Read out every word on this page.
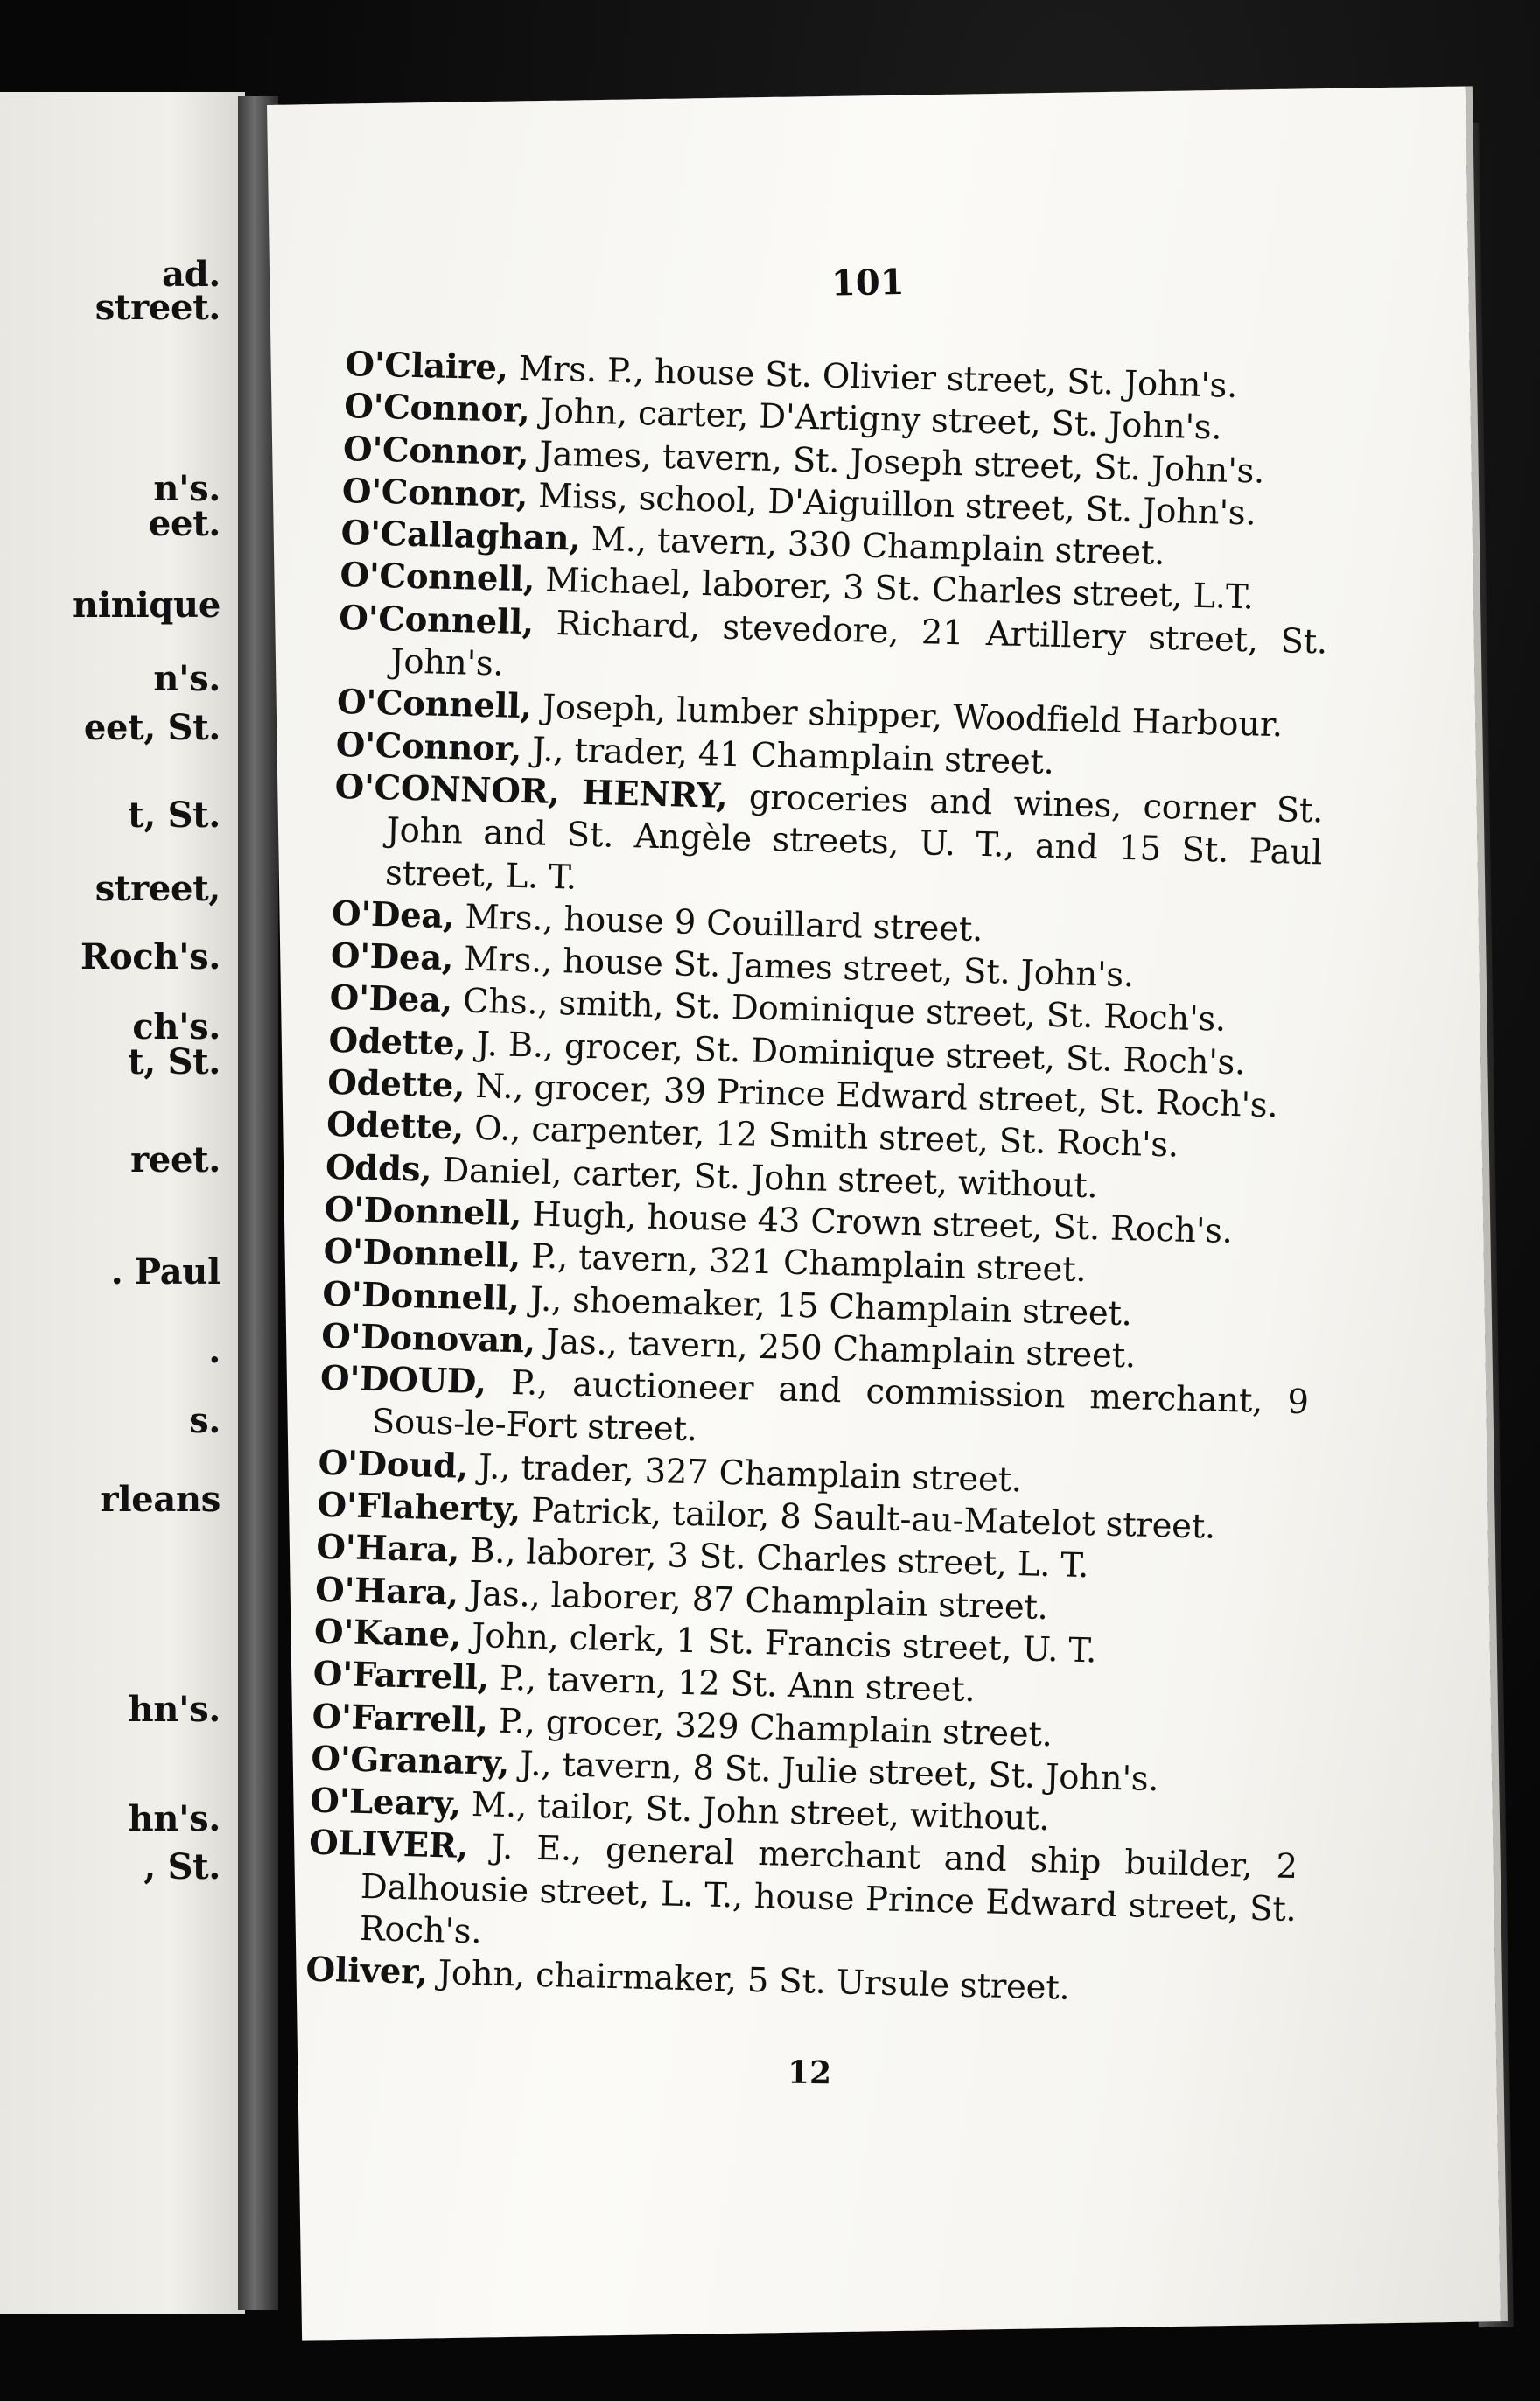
ad.
street.
n's.
eet.
ninique
n's.
eet, St.
t, St.
street,
Roch's.
ch's.
t, St.
reet.
. Paul
.
s.
rleans
hn's.
hn's.
, St.
101
O'Claire, Mrs. P., house St. Olivier street, St. John's.
O'Connor, John, carter, D'Artigny street, St. John's.
O'Connor, James, tavern, St. Joseph street, St. John's.
O'Connor, Miss, school, D'Aiguillon street, St. John's.
O'Callaghan, M., tavern, 330 Champlain street.
O'Connell, Michael, laborer, 3 St. Charles street, L.T.
O'Connell, Richard, stevedore, 21 Artillery street, St. John's.
O'Connell, Joseph, lumber shipper, Woodfield Harbour.
O'Connor, J., trader, 41 Champlain street.
O'CONNOR, HENRY, groceries and wines, corner St. John and St. Angèle streets, U. T., and 15 St. Paul street, L. T.
O'Dea, Mrs., house 9 Couillard street.
O'Dea, Mrs., house St. James street, St. John's.
O'Dea, Chs., smith, St. Dominique street, St. Roch's.
Odette, J. B., grocer, St. Dominique street, St. Roch's.
Odette, N., grocer, 39 Prince Edward street, St. Roch's.
Odette, O., carpenter, 12 Smith street, St. Roch's.
Odds, Daniel, carter, St. John street, without.
O'Donnell, Hugh, house 43 Crown street, St. Roch's.
O'Donnell, P., tavern, 321 Champlain street.
O'Donnell, J., shoemaker, 15 Champlain street.
O'Donovan, Jas., tavern, 250 Champlain street.
O'DOUD, P., auctioneer and commission merchant, 9 Sous-le-Fort street.
O'Doud, J., trader, 327 Champlain street.
O'Flaherty, Patrick, tailor, 8 Sault-au-Matelot street.
O'Hara, B., laborer, 3 St. Charles street, L. T.
O'Hara, Jas., laborer, 87 Champlain street.
O'Kane, John, clerk, 1 St. Francis street, U. T.
O'Farrell, P., tavern, 12 St. Ann street.
O'Farrell, P., grocer, 329 Champlain street.
O'Granary, J., tavern, 8 St. Julie street, St. John's.
O'Leary, M., tailor, St. John street, without.
OLIVER, J. E., general merchant and ship builder, 2 Dalhousie street, L. T., house Prince Edward street, St. Roch's.
Oliver, John, chairmaker, 5 St. Ursule street.
12
